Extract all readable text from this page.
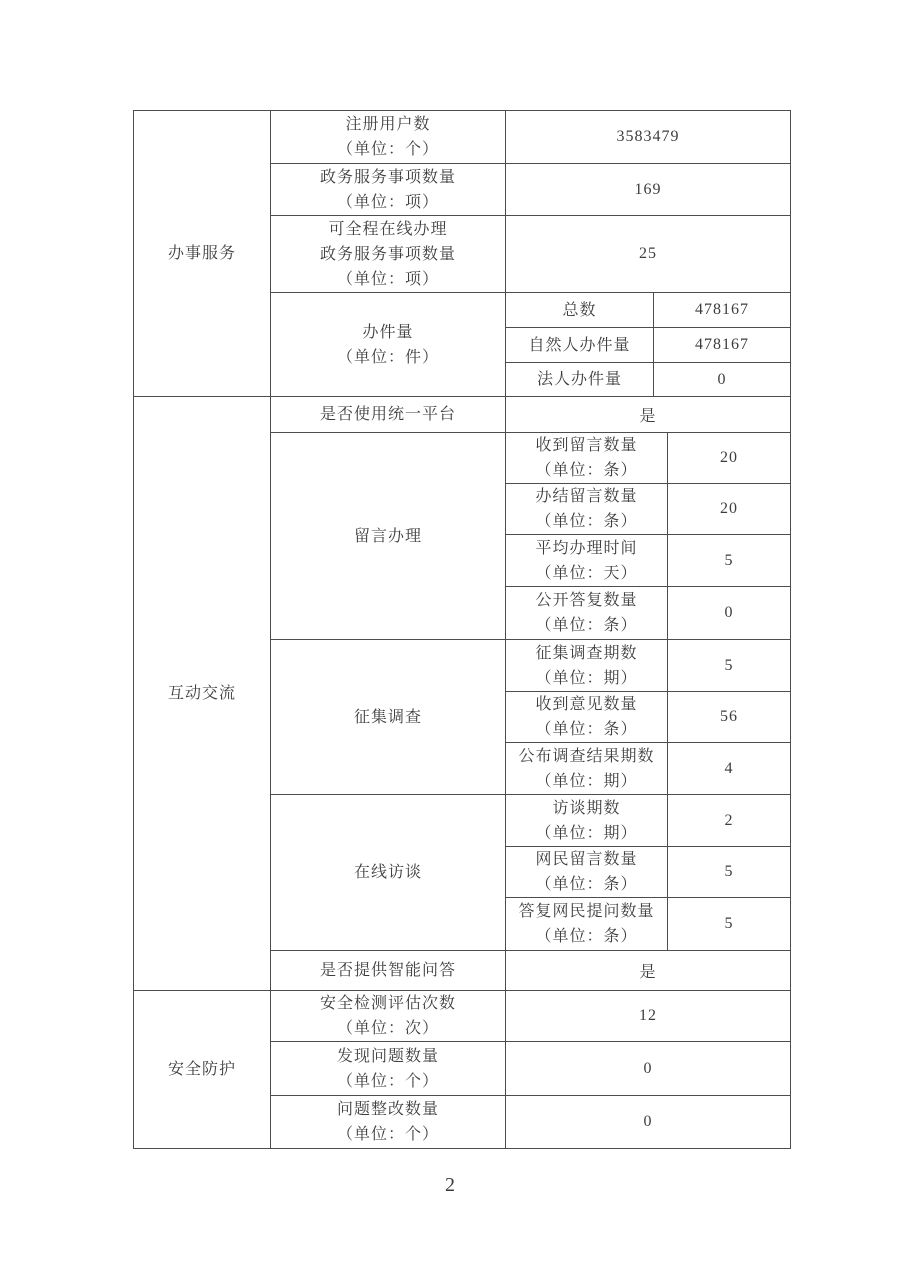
办事服务	注册用户数
（单位：个）	3583479		

	政务服务事项数量
（单位：项）	169		

	可全程在线办理
政务服务事项数量
（单位：项）	25		

	办件量
（单位：件）	总数	478167	

		自然人办件量	478167	

		法人办件量	0	

互动交流	是否使用统一平台	是		

	留言办理	收到留言数量
（单位：条）		20

		办结留言数量
（单位：条）		20

		平均办理时间
（单位：天）		5

		公开答复数量
（单位：条）		0

	征集调查	征集调查期数
（单位：期）		5

		收到意见数量
（单位：条）		56

		公布调查结果期数
（单位：期）		4

	在线访谈	访谈期数
（单位：期）		2

		网民留言数量
（单位：条）		5

		答复网民提问数量
（单位：条）		5

	是否提供智能问答	是		

安全防护	安全检测评估次数
（单位：次）	12		

	发现问题数量
（单位：个）	0		

	问题整改数量
（单位：个）	0		
2
